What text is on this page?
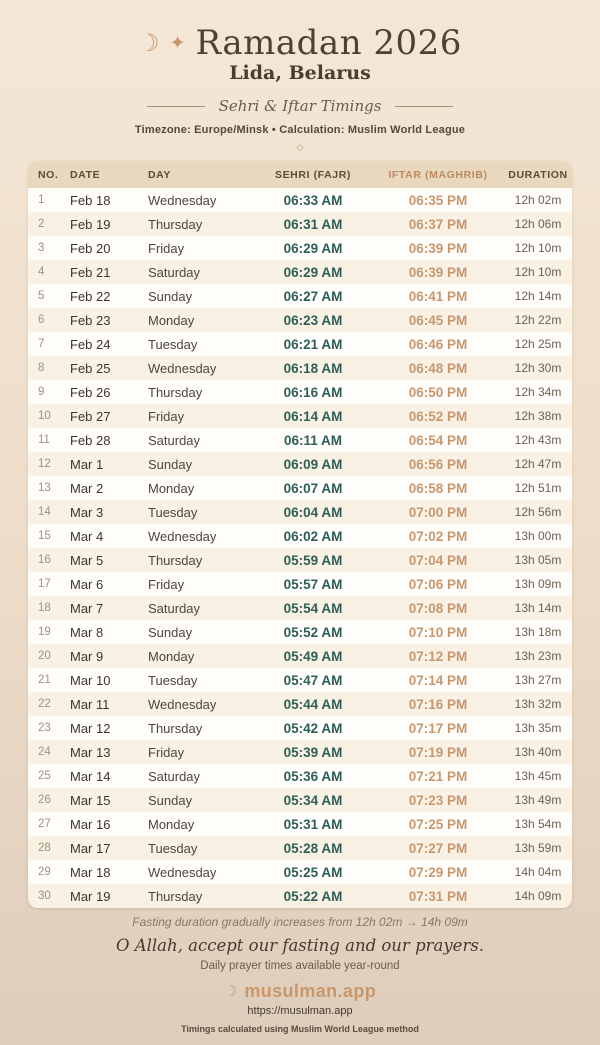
☾ ✦ Ramadan 2026
Lida, Belarus
Sehri & Iftar Timings
Timezone: Europe/Minsk • Calculation: Muslim World League
◇
NO.	DATE	DAY	SEHRI (FAJR)	IFTAR (MAGHRIB)	DURATION
1	Feb 18	Wednesday	06:33 AM	06:35 PM	12h 02m
2	Feb 19	Thursday	06:31 AM	06:37 PM	12h 06m
3	Feb 20	Friday	06:29 AM	06:39 PM	12h 10m
4	Feb 21	Saturday	06:29 AM	06:39 PM	12h 10m
5	Feb 22	Sunday	06:27 AM	06:41 PM	12h 14m
6	Feb 23	Monday	06:23 AM	06:45 PM	12h 22m
7	Feb 24	Tuesday	06:21 AM	06:46 PM	12h 25m
8	Feb 25	Wednesday	06:18 AM	06:48 PM	12h 30m
9	Feb 26	Thursday	06:16 AM	06:50 PM	12h 34m
10	Feb 27	Friday	06:14 AM	06:52 PM	12h 38m
11	Feb 28	Saturday	06:11 AM	06:54 PM	12h 43m
12	Mar 1	Sunday	06:09 AM	06:56 PM	12h 47m
13	Mar 2	Monday	06:07 AM	06:58 PM	12h 51m
14	Mar 3	Tuesday	06:04 AM	07:00 PM	12h 56m
15	Mar 4	Wednesday	06:02 AM	07:02 PM	13h 00m
16	Mar 5	Thursday	05:59 AM	07:04 PM	13h 05m
17	Mar 6	Friday	05:57 AM	07:06 PM	13h 09m
18	Mar 7	Saturday	05:54 AM	07:08 PM	13h 14m
19	Mar 8	Sunday	05:52 AM	07:10 PM	13h 18m
20	Mar 9	Monday	05:49 AM	07:12 PM	13h 23m
21	Mar 10	Tuesday	05:47 AM	07:14 PM	13h 27m
22	Mar 11	Wednesday	05:44 AM	07:16 PM	13h 32m
23	Mar 12	Thursday	05:42 AM	07:17 PM	13h 35m
24	Mar 13	Friday	05:39 AM	07:19 PM	13h 40m
25	Mar 14	Saturday	05:36 AM	07:21 PM	13h 45m
26	Mar 15	Sunday	05:34 AM	07:23 PM	13h 49m
27	Mar 16	Monday	05:31 AM	07:25 PM	13h 54m
28	Mar 17	Tuesday	05:28 AM	07:27 PM	13h 59m
29	Mar 18	Wednesday	05:25 AM	07:29 PM	14h 04m
30	Mar 19	Thursday	05:22 AM	07:31 PM	14h 09m
Fasting duration gradually increases from 12h 02m → 14h 09m
O Allah, accept our fasting and our prayers.
Daily prayer times available year-round
☾ musulman.app
https://musulman.app
Timings calculated using Muslim World League method
